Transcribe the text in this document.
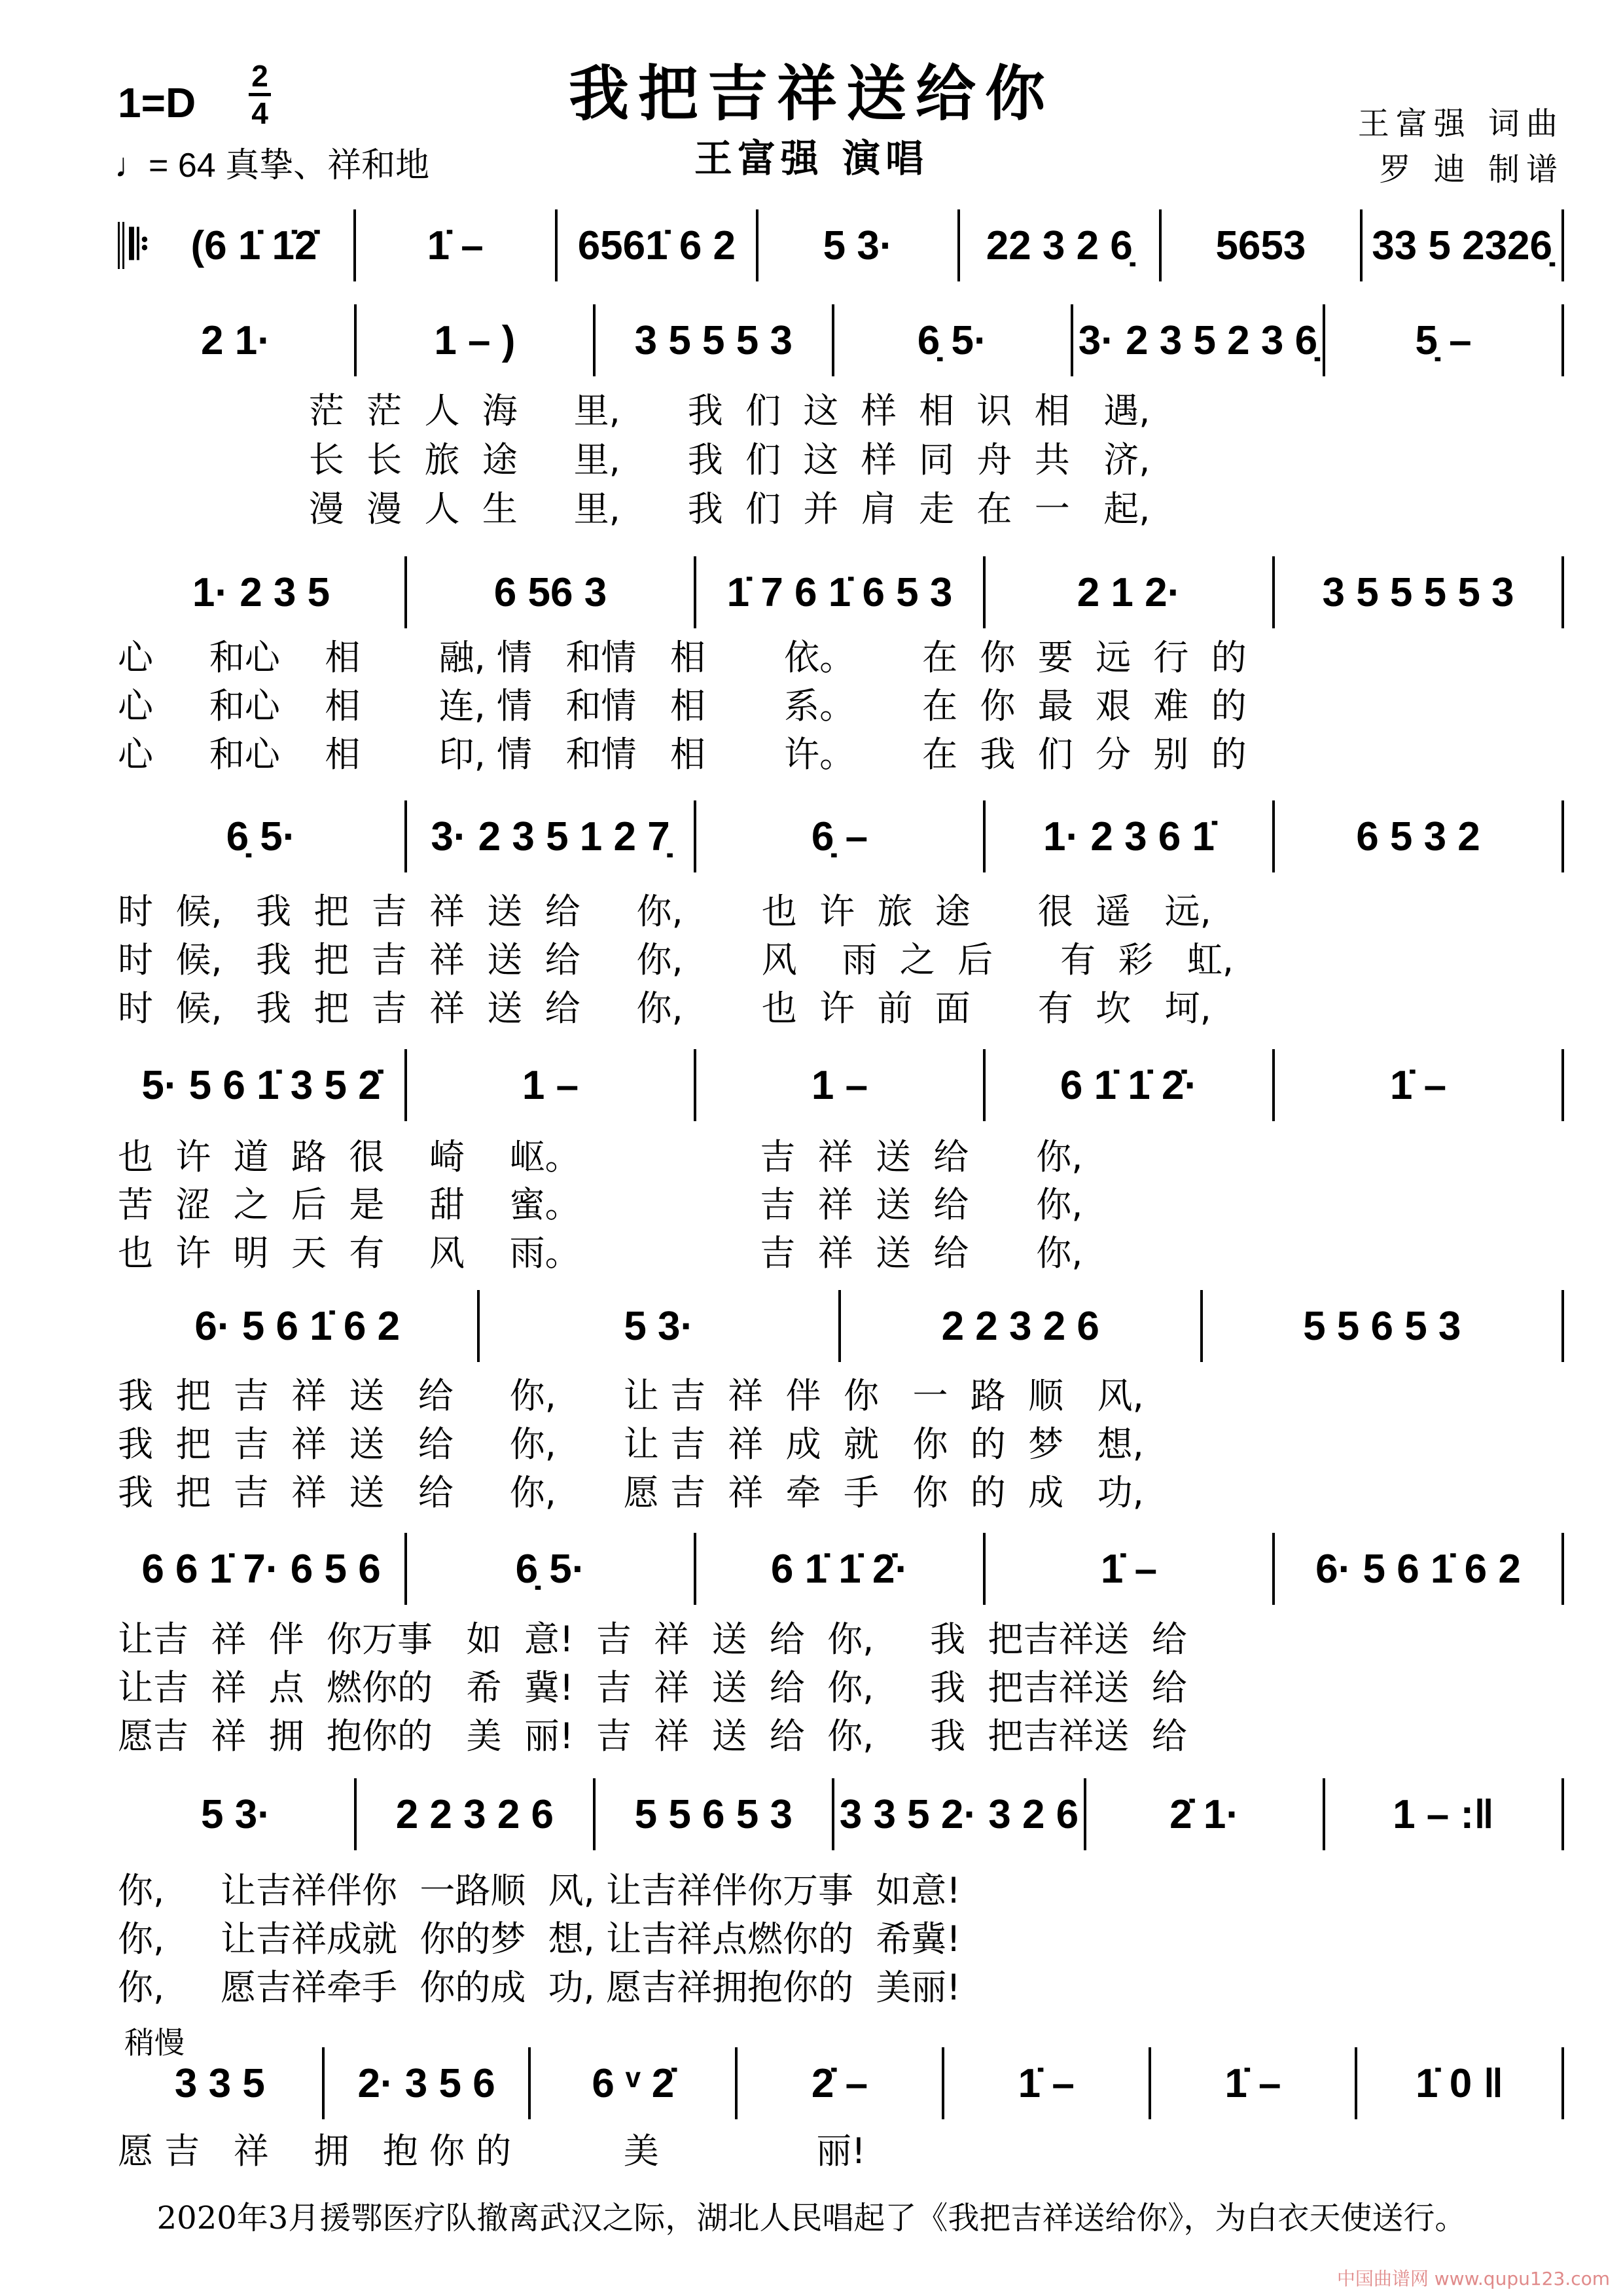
我把吉祥送给你
王富强 演唱
1=D
2
4
♩= 64 真挚、祥和地
王富强 词曲
罗 迪 制谱
稍慢
𝄆	(6 1̇ 1̇2̇	1̇ –	6561̇ 6 2	5 3·	22 3 2 6̣	5653	33 5 2326̣
2 1·	1 – )	3 5 5 5 3	6̣ 5·	3· 2 3 5 2 3 6̣	5̣ –
茫  茫  人  海     里,      我  们  这  样  相  识  相   遇,
长  长  旅  途     里,      我  们  这  样  同  舟  共   济,
漫  漫  人  生     里,      我  们  并  肩  走  在  一   起,
1· 2 3 5	6 56 3	1̇ 7 6 1̇ 6 5 3	2 1 2·	3 5 5 5 5 3
心     和心    相       融, 情   和情   相       依。      在  你  要  远  行  的
心     和心    相       连, 情   和情   相       系。      在  你  最  艰  难  的
心     和心    相       印, 情   和情   相       许。      在  我  们  分  别  的
6̣ 5·	3· 2 3 5 1 2 7̣	6̣ –	1· 2 3 6 1̇	6 5 3 2
时  候,   我  把  吉  祥  送  给     你,       也  许  旅  途      很  遥   远,
时  候,   我  把  吉  祥  送  给     你,       风    雨  之  后      有  彩   虹,
时  候,   我  把  吉  祥  送  给     你,       也  许  前  面      有  坎   坷,
5· 5 6 1̇ 3 5 2̇	1 –	1 –	6 1̇ 1̇ 2̇·	1̇ –
也  许  道  路  很    崎    岖。                吉  祥  送  给      你,
苦  涩  之  后  是    甜    蜜。                吉  祥  送  给      你,
也  许  明  天  有    风    雨。                吉  祥  送  给      你,
6· 5 6 1̇ 6 2	5 3·	2 2 3 2 6	5 5 6 5 3
我  把  吉  祥  送   给     你,      让 吉  祥  伴  你   一  路  顺   风,
我  把  吉  祥  送   给     你,      让 吉  祥  成  就   你  的  梦   想,
我  把  吉  祥  送   给     你,      愿 吉  祥  牵  手   你  的  成   功,
6 6 1̇ 7· 6 5 6	6̣ 5·	6 1̇ 1̇ 2̇·	1̇ –	6· 5 6 1̇ 6 2
让吉  祥  伴  你万事   如  意!  吉  祥  送  给  你,     我  把吉祥送  给
让吉  祥  点  燃你的   希  冀!  吉  祥  送  给  你,     我  把吉祥送  给
愿吉  祥  拥  抱你的   美  丽!  吉  祥  送  给  你,     我  把吉祥送  给
5 3·	2 2 3 2 6	5 5 6 5 3	3 3 5 2· 3 2 6	2̇ 1·	1 – :‖
你,     让吉祥伴你  一路顺  风, 让吉祥伴你万事  如意!
你,     让吉祥成就  你的梦  想, 让吉祥点燃你的  希冀!
你,     愿吉祥牵手  你的成  功, 愿吉祥拥抱你的  美丽!
3 3 5	2· 3 5 6	6 ᵛ 2̇	2̇ –	1̇ –	1̇ –	1̇ 0 ‖
愿 吉   祥    拥   抱 你 的          美              丽!
2020年3月援鄂医疗队撤离武汉之际，湖北人民唱起了《我把吉祥送给你》，为白衣天使送行。
中国曲谱网 www.qupu123.com
